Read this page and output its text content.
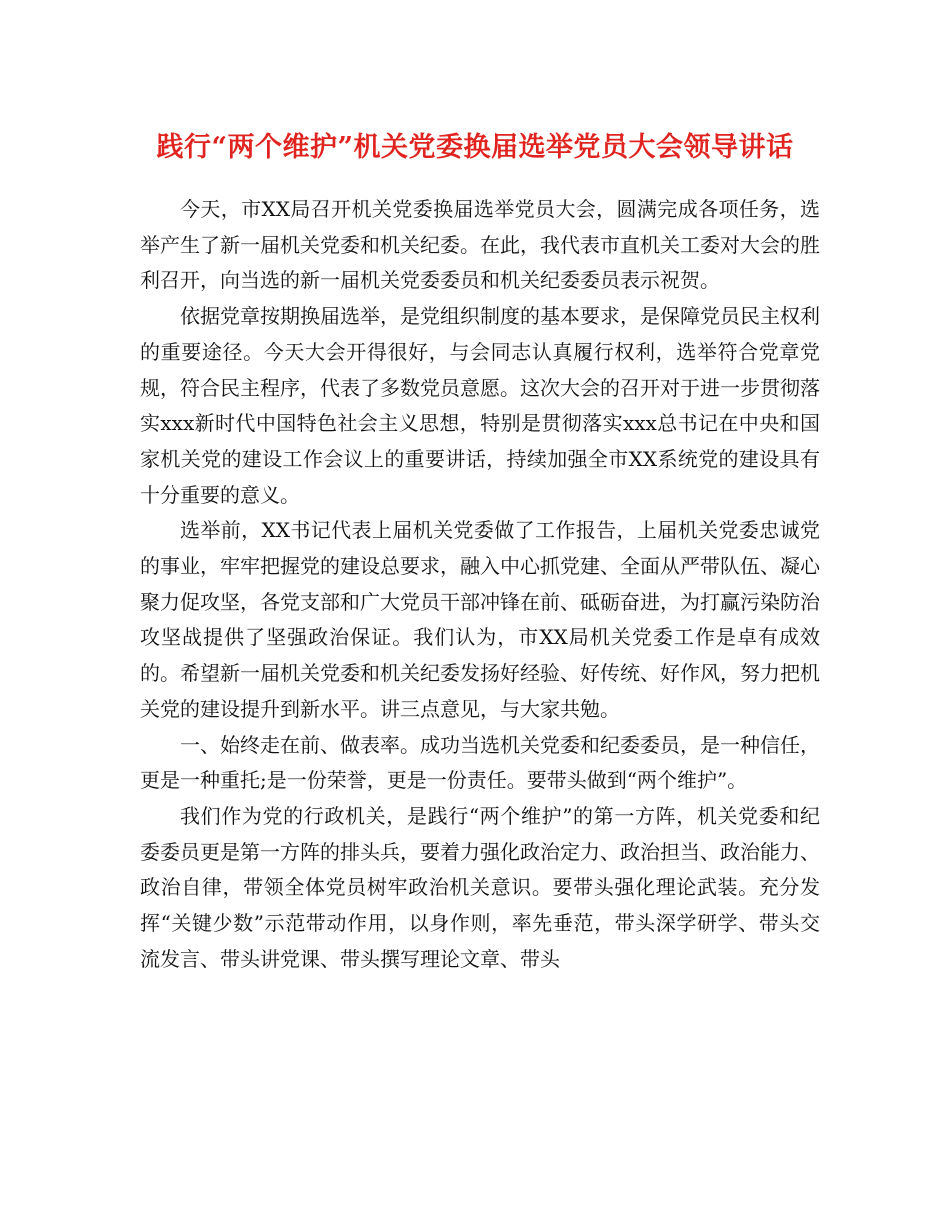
践行“两个维护”机关党委换届选举党员大会领导讲话

今天，市XX局召开机关党委换届选举党员大会，圆满完成各项任务，选举产生了新一届机关党委和机关纪委。在此，我代表市直机关工委对大会的胜利召开，向当选的新一届机关党委委员和机关纪委委员表示祝贺。

依据党章按期换届选举，是党组织制度的基本要求，是保障党员民主权利的重要途径。今天大会开得很好，与会同志认真履行权利，选举符合党章党规，符合民主程序，代表了多数党员意愿。这次大会的召开对于进一步贯彻落实xxx新时代中国特色社会主义思想，特别是贯彻落实xxx总书记在中央和国家机关党的建设工作会议上的重要讲话，持续加强全市XX系统党的建设具有十分重要的意义。

选举前，XX书记代表上届机关党委做了工作报告，上届机关党委忠诚党的事业，牢牢把握党的建设总要求，融入中心抓党建、全面从严带队伍、凝心聚力促攻坚，各党支部和广大党员干部冲锋在前、砥砺奋进，为打赢污染防治攻坚战提供了坚强政治保证。我们认为，市XX局机关党委工作是卓有成效的。希望新一届机关党委和机关纪委发扬好经验、好传统、好作风，努力把机关党的建设提升到新水平。讲三点意见，与大家共勉。

一、始终走在前、做表率。成功当选机关党委和纪委委员，是一种信任，更是一种重托;是一份荣誉，更是一份责任。要带头做到“两个维护”。

我们作为党的行政机关，是践行“两个维护”的第一方阵，机关党委和纪委委员更是第一方阵的排头兵，要着力强化政治定力、政治担当、政治能力、政治自律，带领全体党员树牢政治机关意识。要带头强化理论武装。充分发挥“关键少数”示范带动作用，以身作则，率先垂范，带头深学研学、带头交流发言、带头讲党课、带头撰写理论文章、带头
